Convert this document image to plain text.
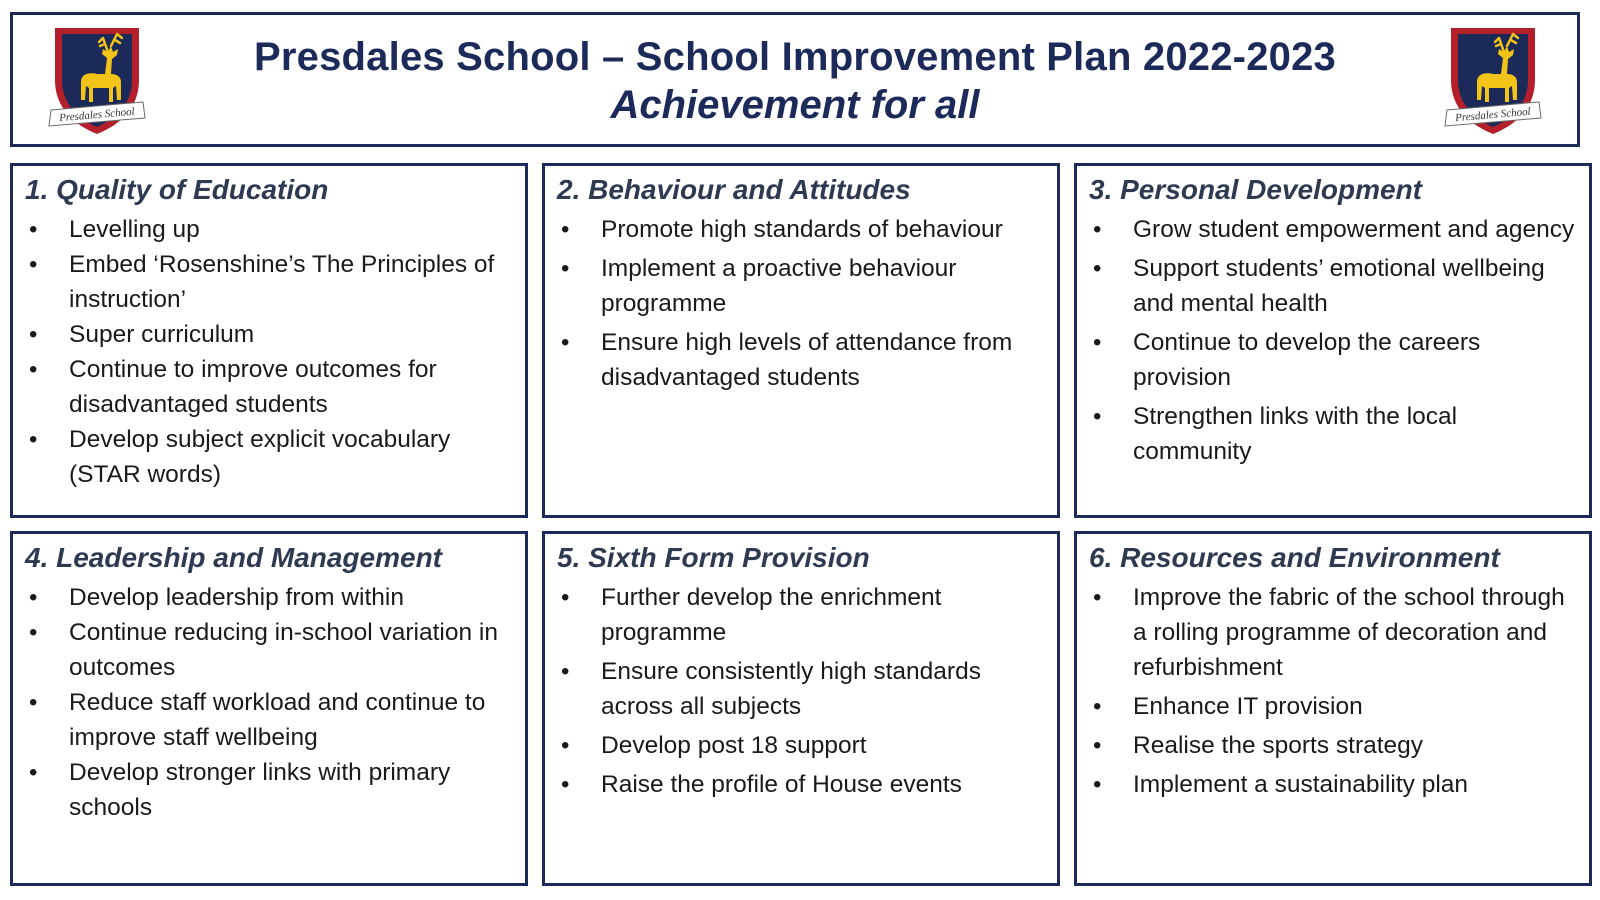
Presdales School
Presdales School – School Improvement Plan 2022-2023
Achievement for all	Presdales School
1. Quality of Education
• Levelling up
• Embed ‘Rosenshine’s The Principles of instruction’
• Super curriculum
• Continue to improve outcomes for disadvantaged students
• Develop subject explicit vocabulary (STAR words)
2. Behaviour and Attitudes
• Promote high standards of behaviour
• Implement a proactive behaviour programme
• Ensure high levels of attendance from disadvantaged students
3. Personal Development
• Grow student empowerment and agency
• Support students’ emotional wellbeing and mental health
• Continue to develop the careers provision
• Strengthen links with the local community
4. Leadership and Management
• Develop leadership from within
• Continue reducing in-school variation in outcomes
• Reduce staff workload and continue to improve staff wellbeing
• Develop stronger links with primary schools
5. Sixth Form Provision
• Further develop the enrichment programme
• Ensure consistently high standards across all subjects
• Develop post 18 support
• Raise the profile of House events
6. Resources and Environment
• Improve the fabric of the school through a rolling programme of decoration and refurbishment
• Enhance IT provision
• Realise the sports strategy
• Implement a sustainability plan
